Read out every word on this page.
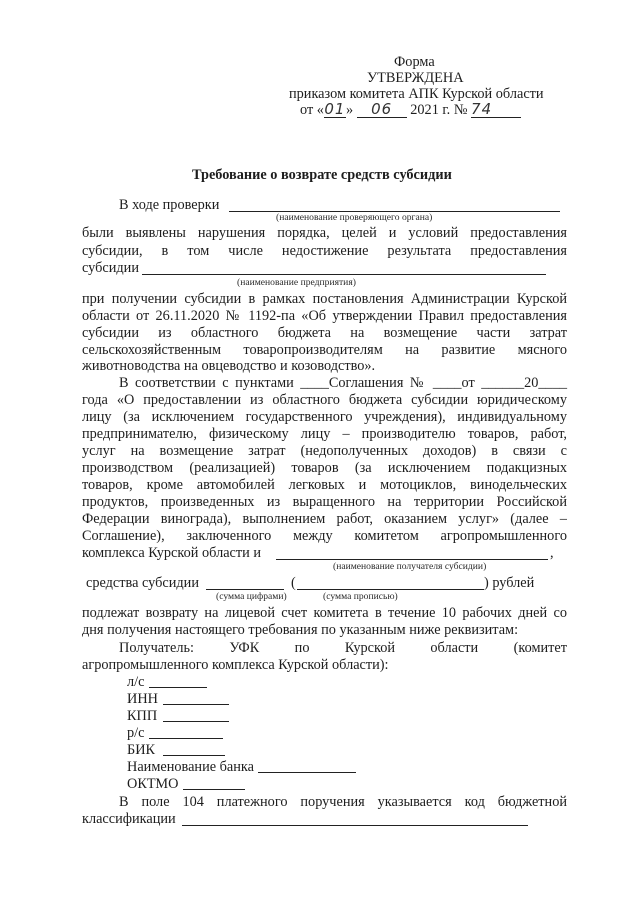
Форма
УТВЕРЖДЕНА
приказом комитета АПК Курской области
от «01» 06 2021 г. № 74
Требование о возврате средств субсидии
В ходе проверки
(наименование проверяющего органа)
были выявлены нарушения порядка, целей и условий предоставления
субсидии, в том числе недостижение результата предоставления
субсидии
(наименование предприятия)
при получении субсидии в рамках постановления Администрации Курской
области от 26.11.2020 № 1192-па «Об утверждении Правил предоставления
субсидии из областного бюджета на возмещение части затрат
сельскохозяйственным товаропроизводителям на развитие мясного
животноводства на овцеводство и козоводство».
В соответствии с пунктами ____Соглашения № ____от ______20____
года «О предоставлении из областного бюджета субсидии юридическому
лицу (за исключением государственного учреждения), индивидуальному
предпринимателю, физическому лицу – производителю товаров, работ,
услуг на возмещение затрат (недополученных доходов) в связи с
производством (реализацией) товаров (за исключением подакцизных
товаров, кроме автомобилей легковых и мотоциклов, винодельческих
продуктов, произведенных из выращенного на территории Российской
Федерации винограда), выполнением работ, оказанием услуг» (далее –
Соглашение), заключенного между комитетом агропромышленного
комплекса Курской области и	,
(наименование получателя субсидии)
средства субсидии	(	) рублей
(сумма цифрами)	(сумма прописью)
подлежат возврату на лицевой счет комитета в течение 10 рабочих дней со
дня получения настоящего требования по указанным ниже реквизитам:
Получатель: УФК по Курской области (комитет
агропромышленного комплекса Курской области):
л/с
ИНН
КПП
р/с
БИК
Наименование банка
ОКТМО
В поле 104 платежного поручения указывается код бюджетной
классификации
